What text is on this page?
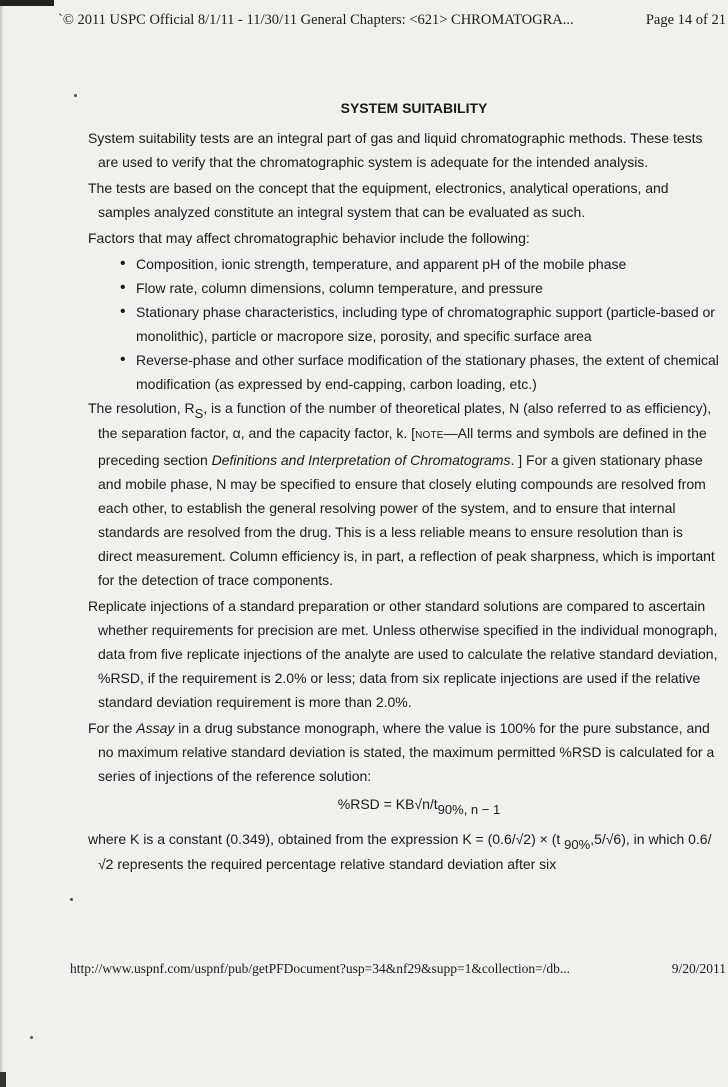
`© 2011 USPC Official 8/1/11 - 11/30/11 General Chapters: <621> CHROMATOGRA...	Page 14 of 21
SYSTEM SUITABILITY

System suitability tests are an integral part of gas and liquid chromatographic methods. These tests are used to verify that the chromatographic system is adequate for the intended analysis.

The tests are based on the concept that the equipment, electronics, analytical operations, and samples analyzed constitute an integral system that can be evaluated as such.

Factors that may affect chromatographic behavior include the following:

• Composition, ionic strength, temperature, and apparent pH of the mobile phase
• Flow rate, column dimensions, column temperature, and pressure
• Stationary phase characteristics, including type of chromatographic support (particle-based or monolithic), particle or macropore size, porosity, and specific surface area
• Reverse-phase and other surface modification of the stationary phases, the extent of chemical modification (as expressed by end-capping, carbon loading, etc.)

The resolution, RS, is a function of the number of theoretical plates, N (also referred to as efficiency), the separation factor, α, and the capacity factor, k. [NOTE—All terms and symbols are defined in the preceding section Definitions and Interpretation of Chromatograms. ] For a given stationary phase and mobile phase, N may be specified to ensure that closely eluting compounds are resolved from each other, to establish the general resolving power of the system, and to ensure that internal standards are resolved from the drug. This is a less reliable means to ensure resolution than is direct measurement. Column efficiency is, in part, a reflection of peak sharpness, which is important for the detection of trace components.

Replicate injections of a standard preparation or other standard solutions are compared to ascertain whether requirements for precision are met. Unless otherwise specified in the individual monograph, data from five replicate injections of the analyte are used to calculate the relative standard deviation, %RSD, if the requirement is 2.0% or less; data from six replicate injections are used if the relative standard deviation requirement is more than 2.0%.

For the Assay in a drug substance monograph, where the value is 100% for the pure substance, and no maximum relative standard deviation is stated, the maximum permitted %RSD is calculated for a series of injections of the reference solution:

%RSD = KB√n/t90%, n − 1

where K is a constant (0.349), obtained from the expression K = (0.6/√2) × (t 90%,5/√6), in which 0.6/√2 represents the required percentage relative standard deviation after six

http://www.uspnf.com/uspnf/pub/getPFDocument?usp=34&nf29&supp=1&collection=/db...	9/20/2011
